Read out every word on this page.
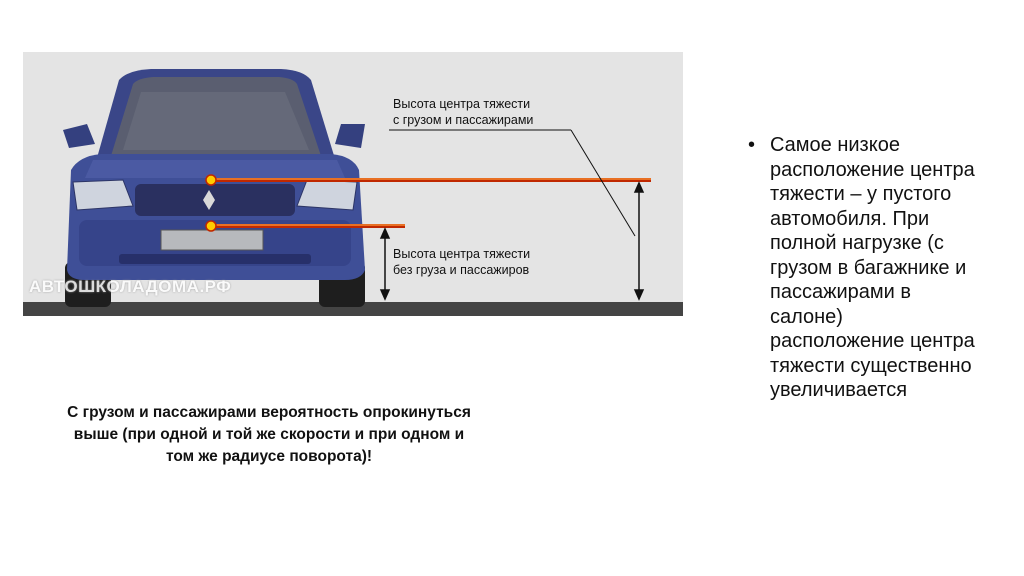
Высота центра тяжести
с грузом и пассажирами
Высота центра тяжести
без груза и пассажиров
АВТОШКОЛАДОМА.РФ
С грузом и пассажирами вероятность опрокинуться выше (при одной и той же скорости и при одном и том же радиусе поворота)!
• Самое низкое расположение центра тяжести – у пустого автомобиля. При полной нагрузке (с грузом в багажнике и пассажирами в салоне) расположение центра тяжести существенно увеличивается
